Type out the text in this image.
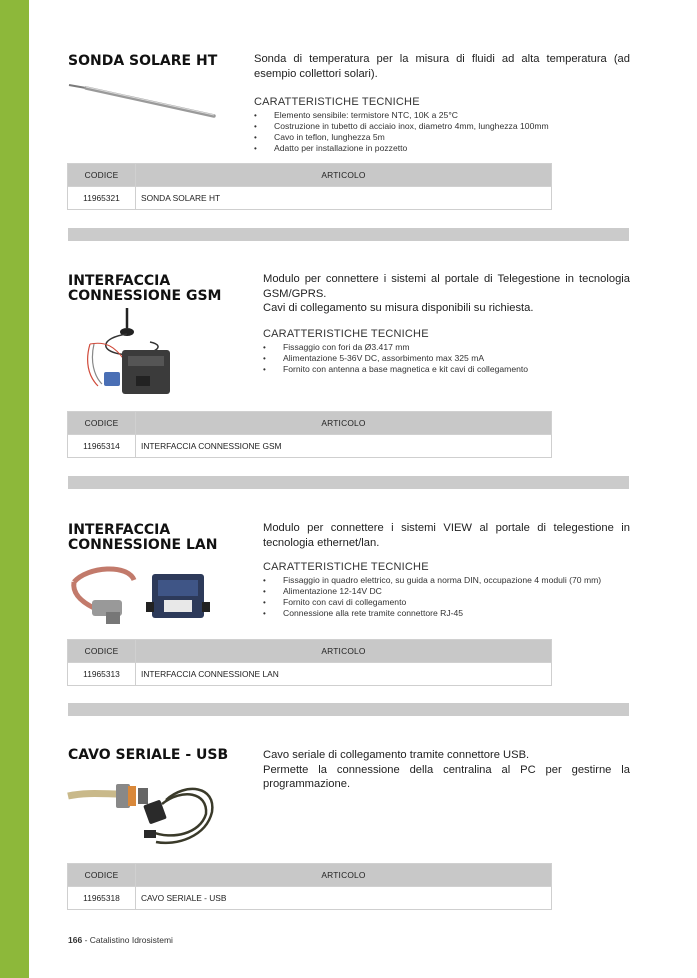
SONDA SOLARE HT	Sonda di temperatura per la misura di fluidi ad alta temperatura (ad esempio collettori solari).

CARATTERISTICHE TECNICHE
• Elemento sensibile: termistore NTC, 10K a 25°C
• Costruzione in tubetto di acciaio inox, diametro 4mm, lunghezza 100mm
• Cavo in teflon, lunghezza 5m
• Adatto per installazione in pozzetto
CODICE	ARTICOLO
11965321	SONDA SOLARE HT
INTERFACCIA
CONNESSIONE GSM

Modulo per connettere i sistemi al portale di Telegestione in tecnologia GSM/GPRS.

Cavi di collegamento su misura disponibili su richiesta.

CARATTERISTICHE TECNICHE
• Fissaggio con fori da Ø3.417 mm
• Alimentazione 5-36V DC, assorbimento max 325 mA
• Fornito con antenna a base magnetica e kit cavi di collegamento
CODICE	ARTICOLO
11965314	INTERFACCIA CONNESSIONE GSM
INTERFACCIA
CONNESSIONE LAN

Modulo per connettere i sistemi VIEW al portale di telegestione in tecnologia ethernet/lan.

CARATTERISTICHE TECNICHE
• Fissaggio in quadro elettrico, su guida a norma DIN, occupazione 4 moduli (70 mm)
• Alimentazione 12-14V DC
• Fornito con cavi di collegamento
• Connessione alla rete tramite connettore RJ-45
CODICE	ARTICOLO
11965313	INTERFACCIA CONNESSIONE LAN
CAVO SERIALE - USB	Cavo seriale di collegamento tramite connettore USB.

Permette la connessione della centralina al PC per gestirne la programmazione.

CODICE	ARTICOLO
11965318	CAVO SERIALE - USB
166 - Catalistino Idrosistemi
